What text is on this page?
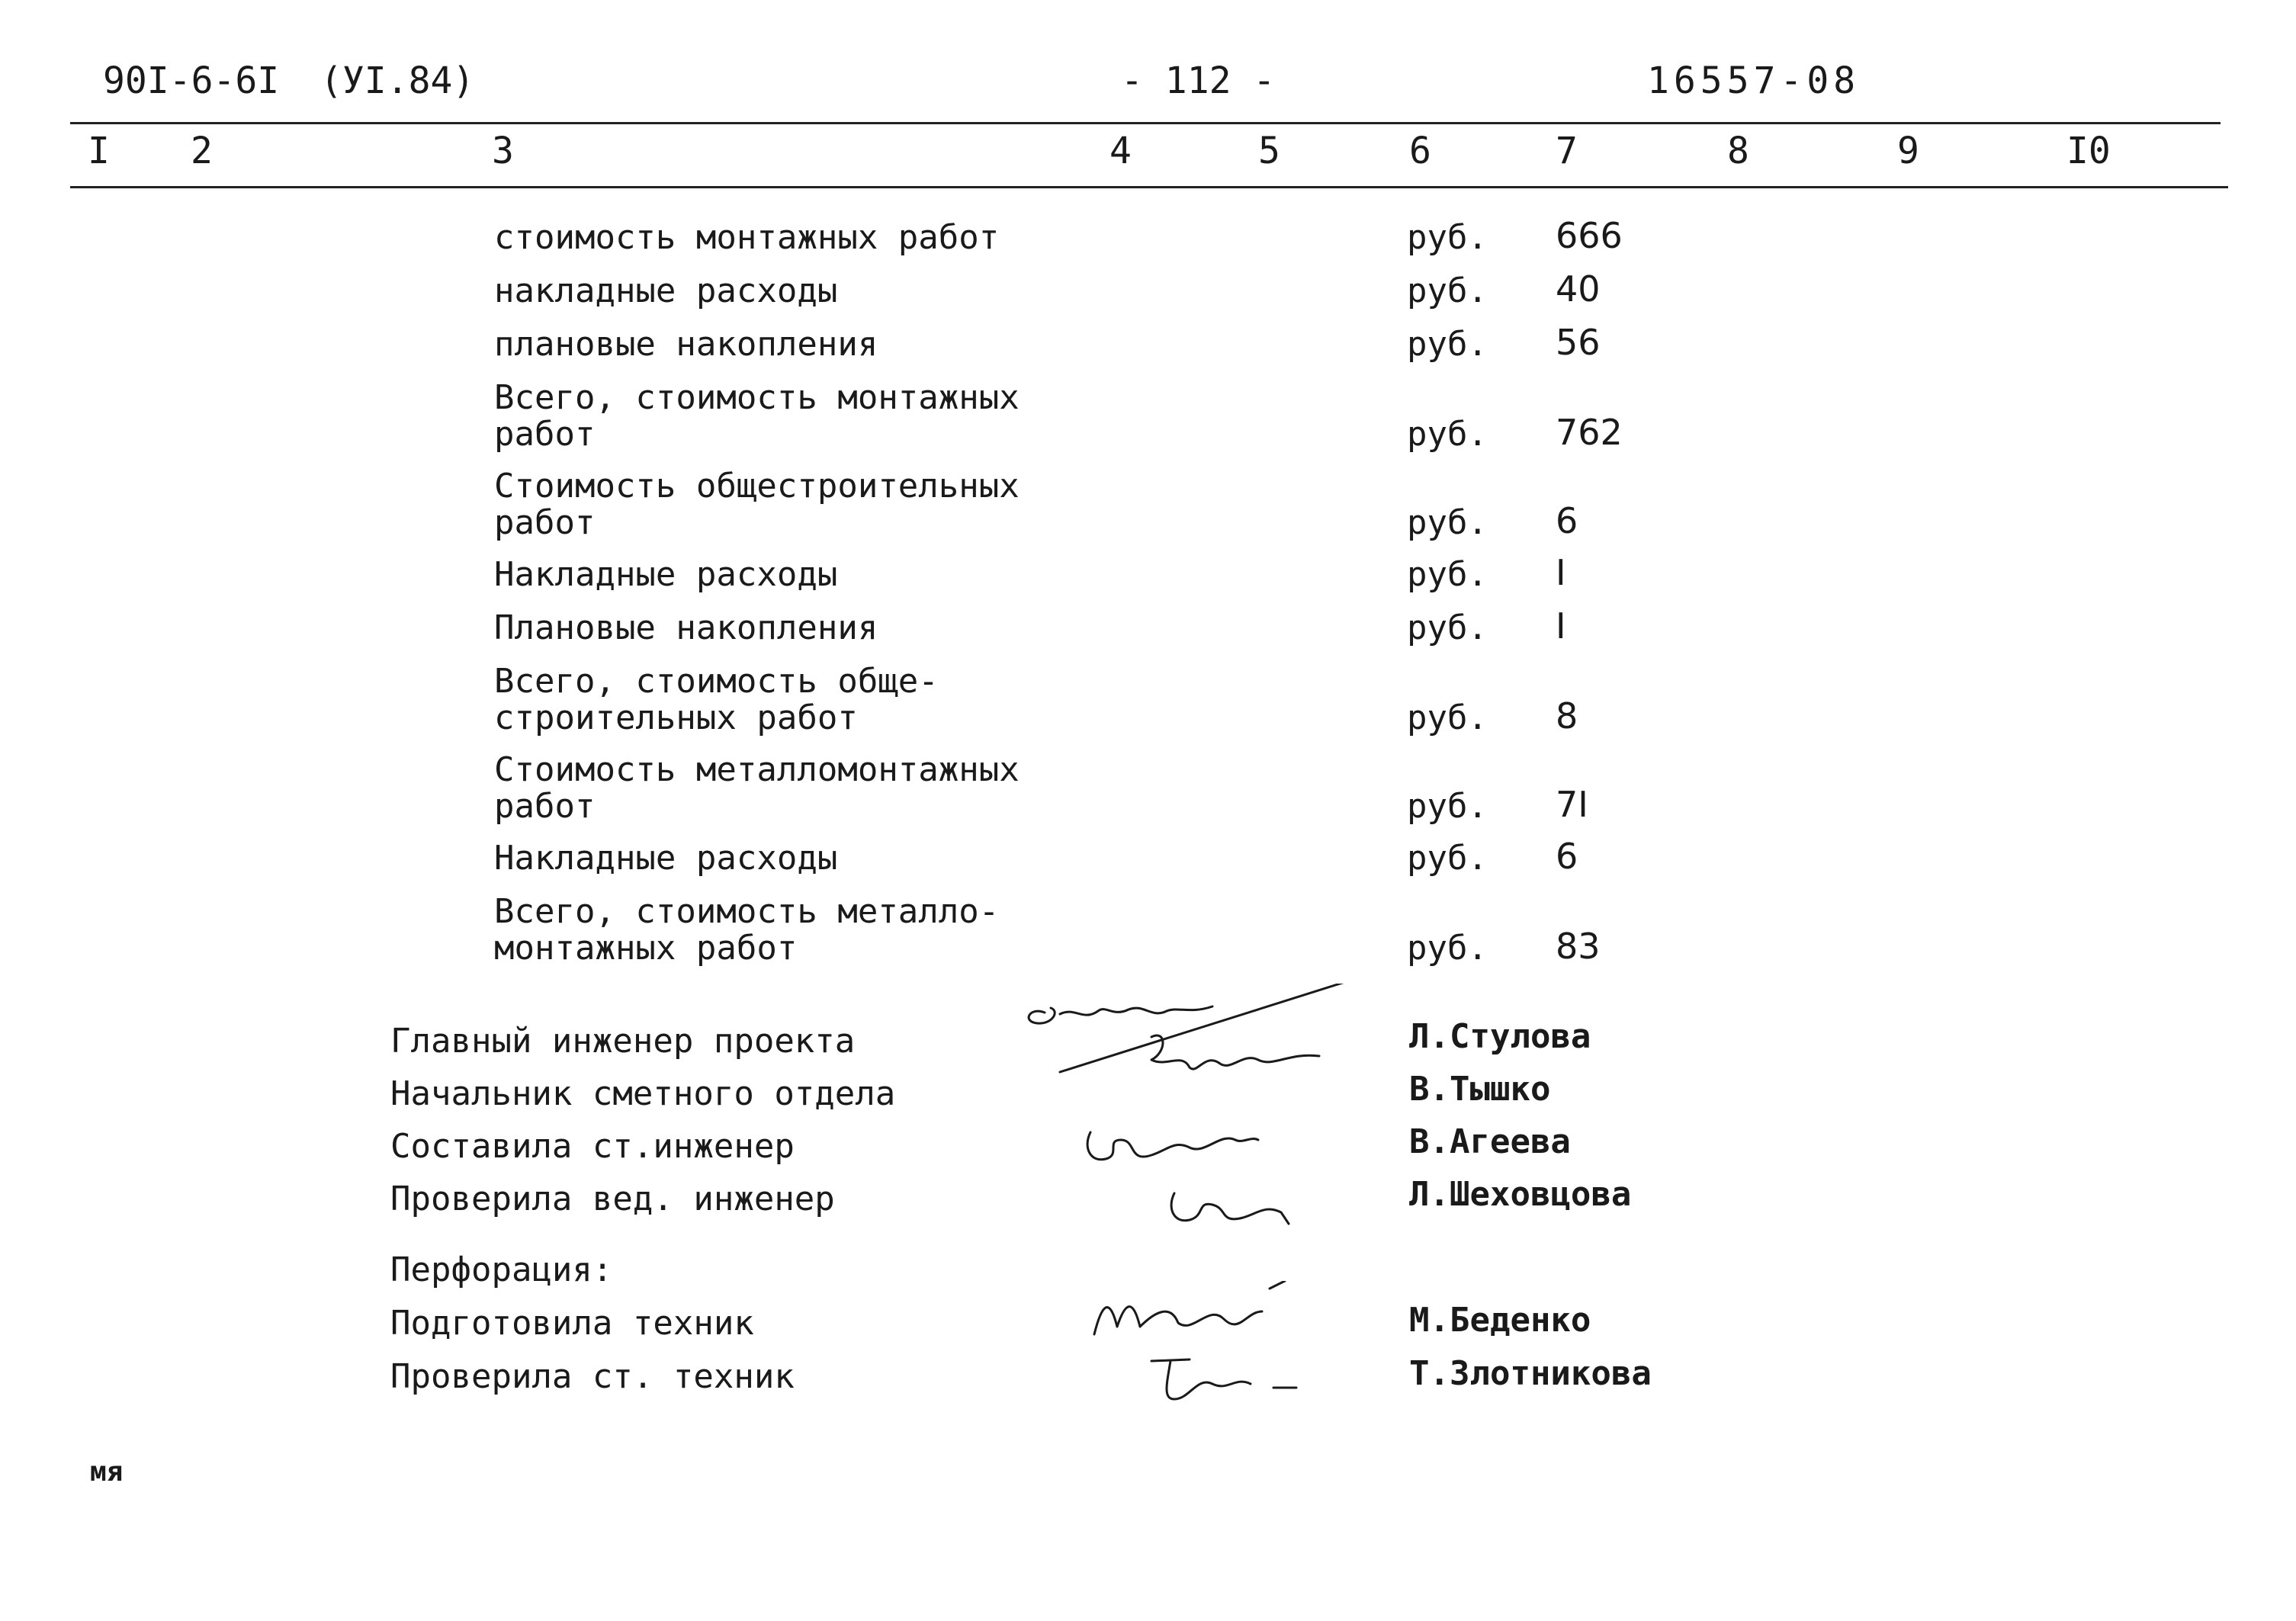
90I-6-6I (УI.84)	- 112 -	16557-08
I 2	3	4	5	6	7	8	9	I0
стоимость монтажных работ	руб. 666
накладные расходы	руб. 40
плановые накопления	руб. 56
Всего, стоимость монтажных
работ	руб. 762
Стоимость общестроительных
работ	руб. 6
Накладные расходы	руб. I
Плановые накопления	руб. I
Всего, стоимость обще-
строительных работ	руб. 8
Стоимость металломонтажных
работ	руб. 7I
Накладные расходы	руб. 6
Всего, стоимость металло-
монтажных работ	руб. 83
Главный инженер проекта	Л.Стулова
Начальник сметного отдела	В.Тышко
Составила ст.инженер	В.Агеева
Проверила вед. инженер	Л.Шеховцова
Перфорация:
Подготовила техник	М.Беденко
Проверила ст. техник	Т.Злотникова
мя
